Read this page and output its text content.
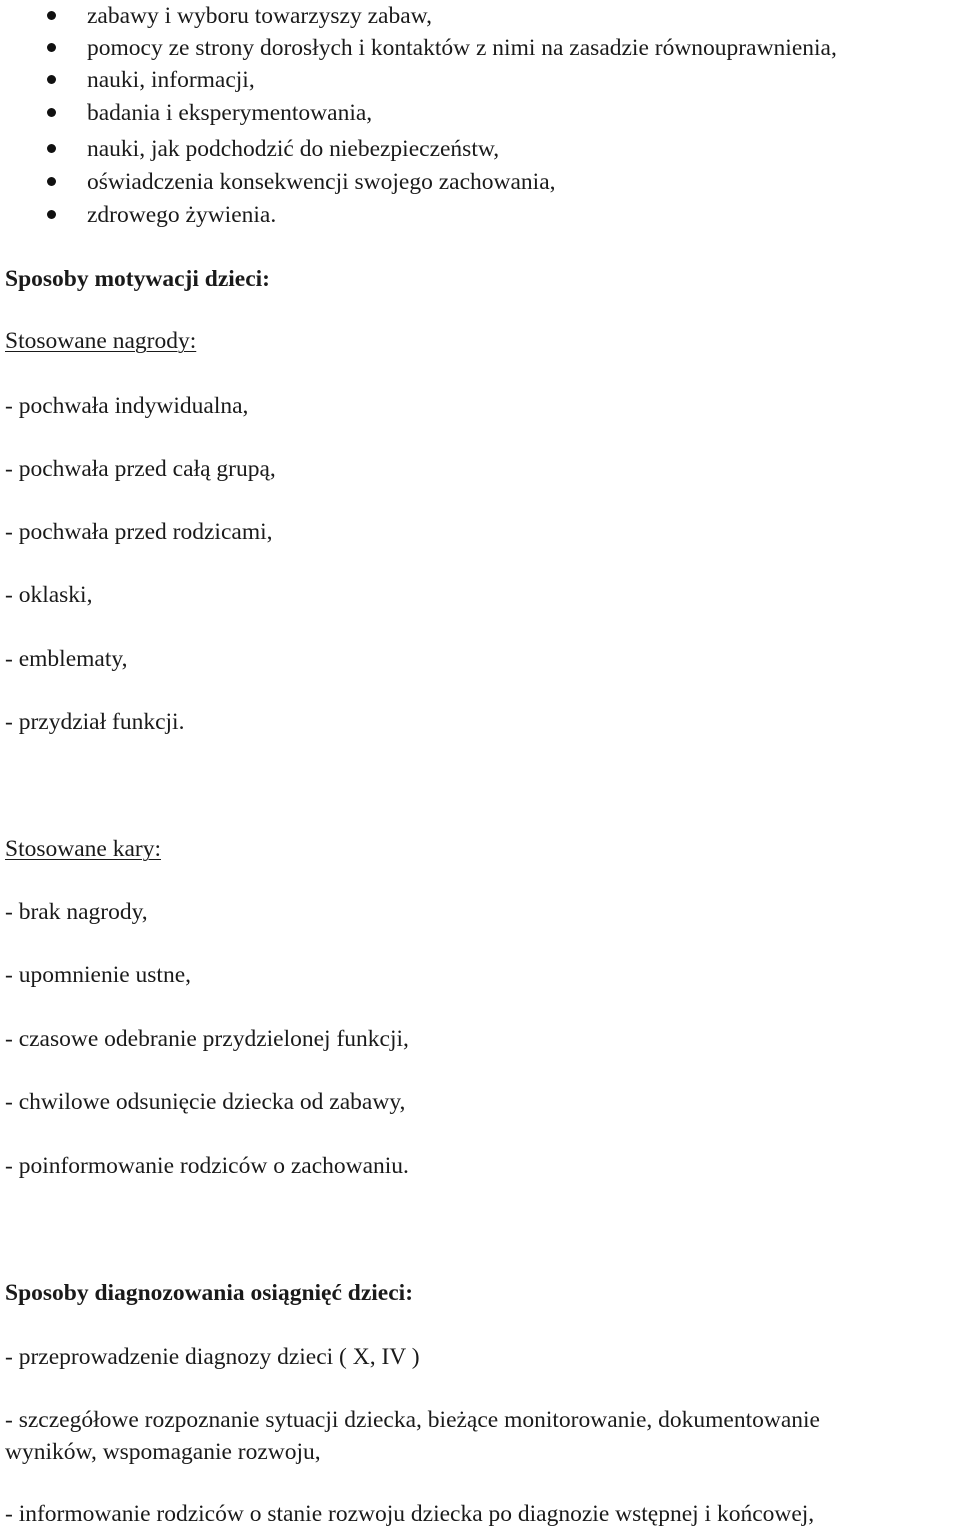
zabawy i wyboru towarzyszy zabaw,
pomocy ze strony dorosłych i kontaktów z nimi na zasadzie równouprawnienia,
nauki, informacji,
badania i eksperymentowania,
nauki, jak podchodzić do niebezpieczeństw,
oświadczenia konsekwencji swojego zachowania,
zdrowego żywienia.
Sposoby motywacji dzieci:
Stosowane nagrody:
- pochwała indywidualna,
- pochwała przed całą grupą,
- pochwała przed rodzicami,
- oklaski,
- emblematy,
- przydział funkcji.
Stosowane kary:
- brak nagrody,
- upomnienie ustne,
- czasowe odebranie przydzielonej funkcji,
- chwilowe odsunięcie dziecka od zabawy,
- poinformowanie rodziców o zachowaniu.
Sposoby diagnozowania osiągnięć dzieci:
- przeprowadzenie diagnozy dzieci ( X, IV )
- szczegółowe rozpoznanie sytuacji dziecka, bieżące monitorowanie, dokumentowanie
wyników, wspomaganie rozwoju,
- informowanie rodziców o stanie rozwoju dziecka po diagnozie wstępnej i końcowej,
